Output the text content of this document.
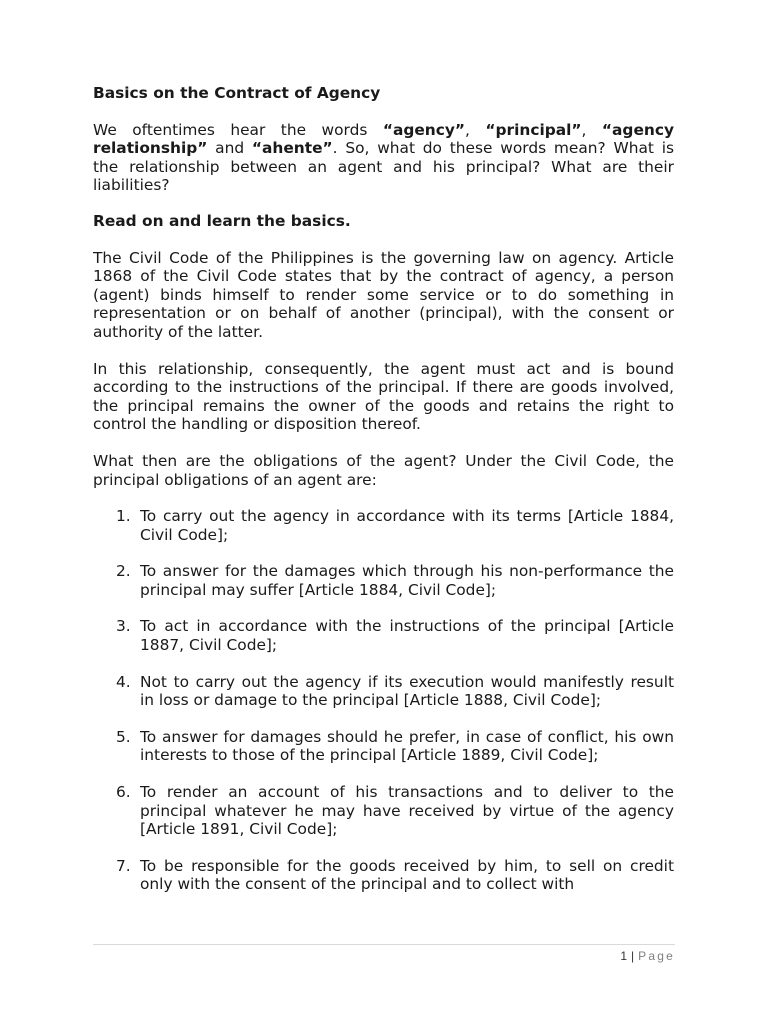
Basics on the Contract of Agency

We oftentimes hear the words “agency”, “principal”, “agency relationship” and “ahente”. So, what do these words mean? What is the relationship between an agent and his principal? What are their liabilities?

Read on and learn the basics.

The Civil Code of the Philippines is the governing law on agency. Article 1868 of the Civil Code states that by the contract of agency, a person (agent) binds himself to render some service or to do something in representation or on behalf of another (principal), with the consent or authority of the latter.

In this relationship, consequently, the agent must act and is bound according to the instructions of the principal. If there are goods involved, the principal remains the owner of the goods and retains the right to control the handling or disposition thereof.

What then are the obligations of the agent? Under the Civil Code, the principal obligations of an agent are:

1. To carry out the agency in accordance with its terms [Article 1884, Civil Code];
2. To answer for the damages which through his non-performance the principal may suffer [Article 1884, Civil Code];
3. To act in accordance with the instructions of the principal [Article 1887, Civil Code];
4. Not to carry out the agency if its execution would manifestly result in loss or damage to the principal [Article 1888, Civil Code];
5. To answer for damages should he prefer, in case of conflict, his own interests to those of the principal [Article 1889, Civil Code];
6. To render an account of his transactions and to deliver to the principal whatever he may have received by virtue of the agency [Article 1891, Civil Code];
7. To be responsible for the goods received by him, to sell on credit only with the consent of the principal and to collect with
1 | Page
